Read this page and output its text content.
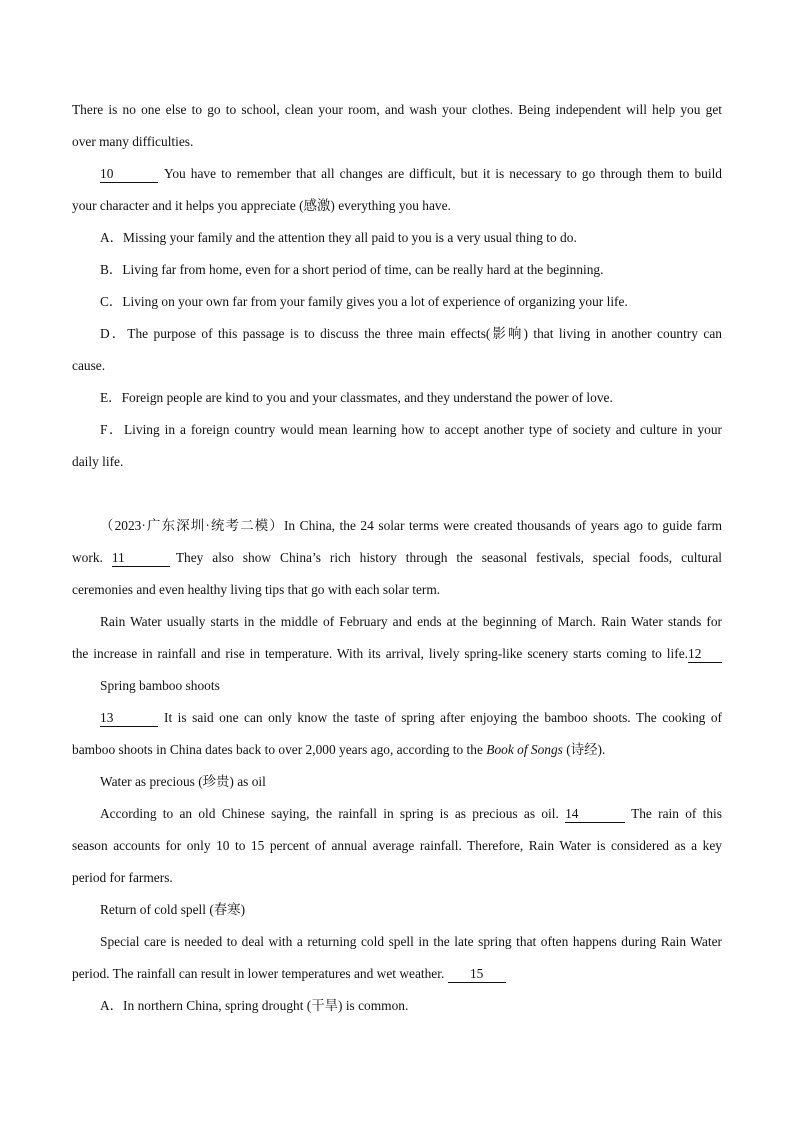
There is no one else to go to school, clean your room, and wash your clothes. Being independent will help you get
over many difficulties.
10	You have to remember that all changes are difficult, but it is necessary to go through them to build
your character and it helps you appreciate (感激) everything you have.
A．Missing your family and the attention they all paid to you is a very usual thing to do.
B．Living far from home, even for a short period of time, can be really hard at the beginning.
C．Living on your own far from your family gives you a lot of experience of organizing your life.
D．The purpose of this passage is to discuss the three main effects(影响) that living in another country can
cause.
E．Foreign people are kind to you and your classmates, and they understand the power of love.
F．Living in a foreign country would mean learning how to accept another type of society and culture in your
daily life.
（2023·广东深圳·统考二模）In China, the 24 solar terms were created thousands of years ago to guide farm
work. 11	They also show China’s rich history through the seasonal festivals, special foods, cultural
ceremonies and even healthy living tips that go with each solar term.
Rain Water usually starts in the middle of February and ends at the beginning of March. Rain Water stands for
the increase in rainfall and rise in temperature. With its arrival, lively spring-like scenery starts coming to life.12
Spring bamboo shoots
13	It is said one can only know the taste of spring after enjoying the bamboo shoots. The cooking of
bamboo shoots in China dates back to over 2,000 years ago, according to the Book of Songs (诗经).
Water as precious (珍贵) as oil
According to an old Chinese saying, the rainfall in spring is as precious as oil. 14	The rain of this
season accounts for only 10 to 15 percent of annual average rainfall. Therefore, Rain Water is considered as a key
period for farmers.
Return of cold spell (春寒)
Special care is needed to deal with a returning cold spell in the late spring that often happens during Rain Water
period. The rainfall can result in lower temperatures and wet weather. 15
A．In northern China, spring drought (干旱) is common.
